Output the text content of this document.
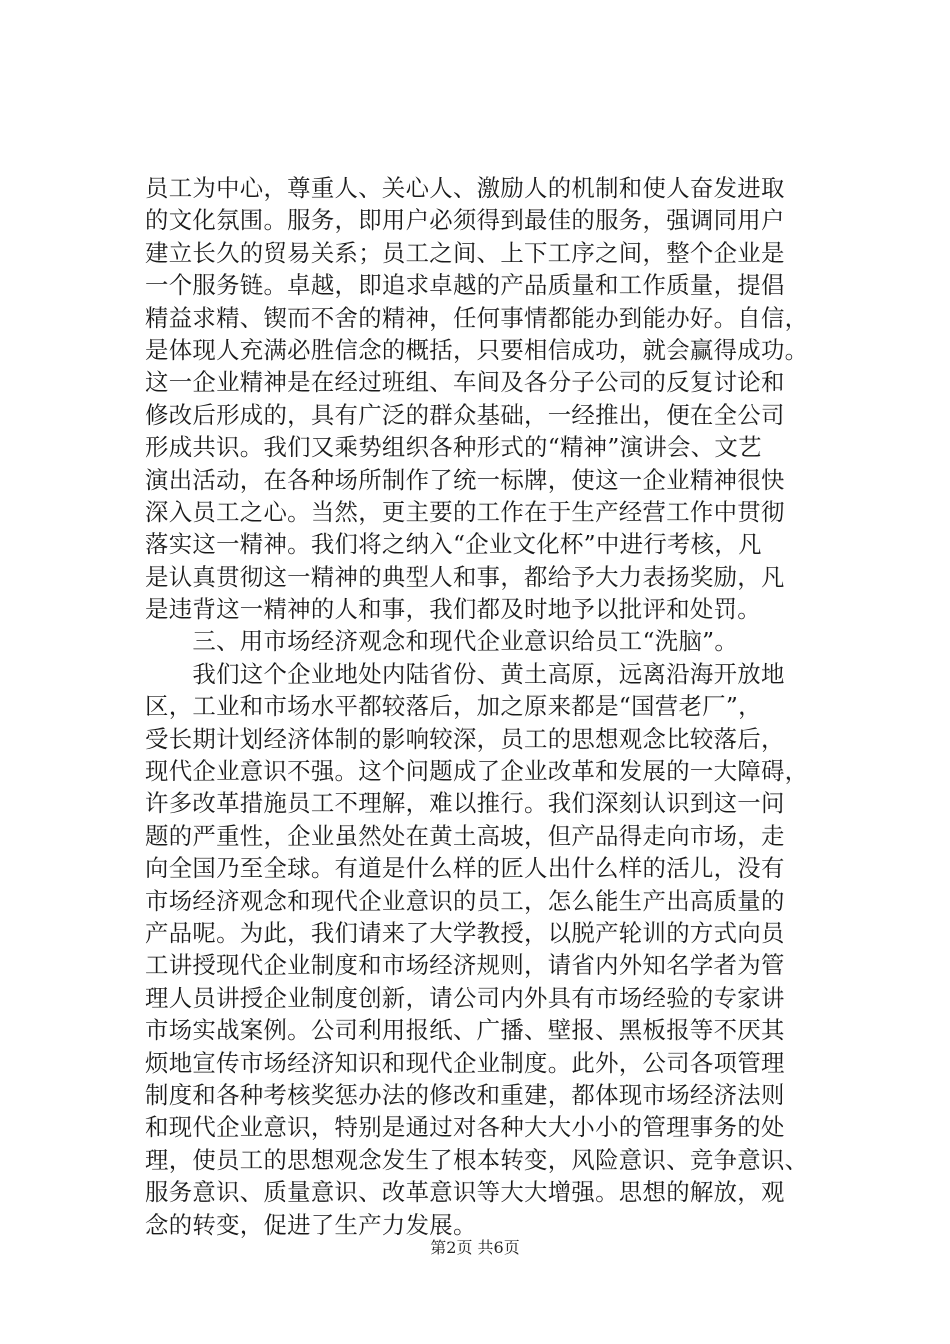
员工为中心，尊重人、关心人、激励人的机制和使人奋发进取
的文化氛围。服务，即用户必须得到最佳的服务，强调同用户
建立长久的贸易关系；员工之间、上下工序之间，整个企业是
一个服务链。卓越，即追求卓越的产品质量和工作质量，提倡
精益求精、锲而不舍的精神，任何事情都能办到能办好。自信，
是体现人充满必胜信念的概括，只要相信成功，就会赢得成功。
这一企业精神是在经过班组、车间及各分子公司的反复讨论和
修改后形成的，具有广泛的群众基础，一经推出，便在全公司
形成共识。我们又乘势组织各种形式的“精神”演讲会、文艺
演出活动，在各种场所制作了统一标牌，使这一企业精神很快
深入员工之心。当然，更主要的工作在于生产经营工作中贯彻
落实这一精神。我们将之纳入“企业文化杯”中进行考核，凡
是认真贯彻这一精神的典型人和事，都给予大力表扬奖励，凡
是违背这一精神的人和事，我们都及时地予以批评和处罚。
　　三、用市场经济观念和现代企业意识给员工“洗脑”。
　　我们这个企业地处内陆省份、黄土高原，远离沿海开放地
区，工业和市场水平都较落后，加之原来都是“国营老厂”，
受长期计划经济体制的影响较深，员工的思想观念比较落后，
现代企业意识不强。这个问题成了企业改革和发展的一大障碍，
许多改革措施员工不理解，难以推行。我们深刻认识到这一问
题的严重性，企业虽然处在黄土高坡，但产品得走向市场，走
向全国乃至全球。有道是什么样的匠人出什么样的活儿，没有
市场经济观念和现代企业意识的员工，怎么能生产出高质量的
产品呢。为此，我们请来了大学教授，以脱产轮训的方式向员
工讲授现代企业制度和市场经济规则，请省内外知名学者为管
理人员讲授企业制度创新，请公司内外具有市场经验的专家讲
市场实战案例。公司利用报纸、广播、壁报、黑板报等不厌其
烦地宣传市场经济知识和现代企业制度。此外，公司各项管理
制度和各种考核奖惩办法的修改和重建，都体现市场经济法则
和现代企业意识，特别是通过对各种大大小小的管理事务的处
理，使员工的思想观念发生了根本转变，风险意识、竞争意识、
服务意识、质量意识、改革意识等大大增强。思想的解放，观
念的转变，促进了生产力发展。
第2页 共6页
